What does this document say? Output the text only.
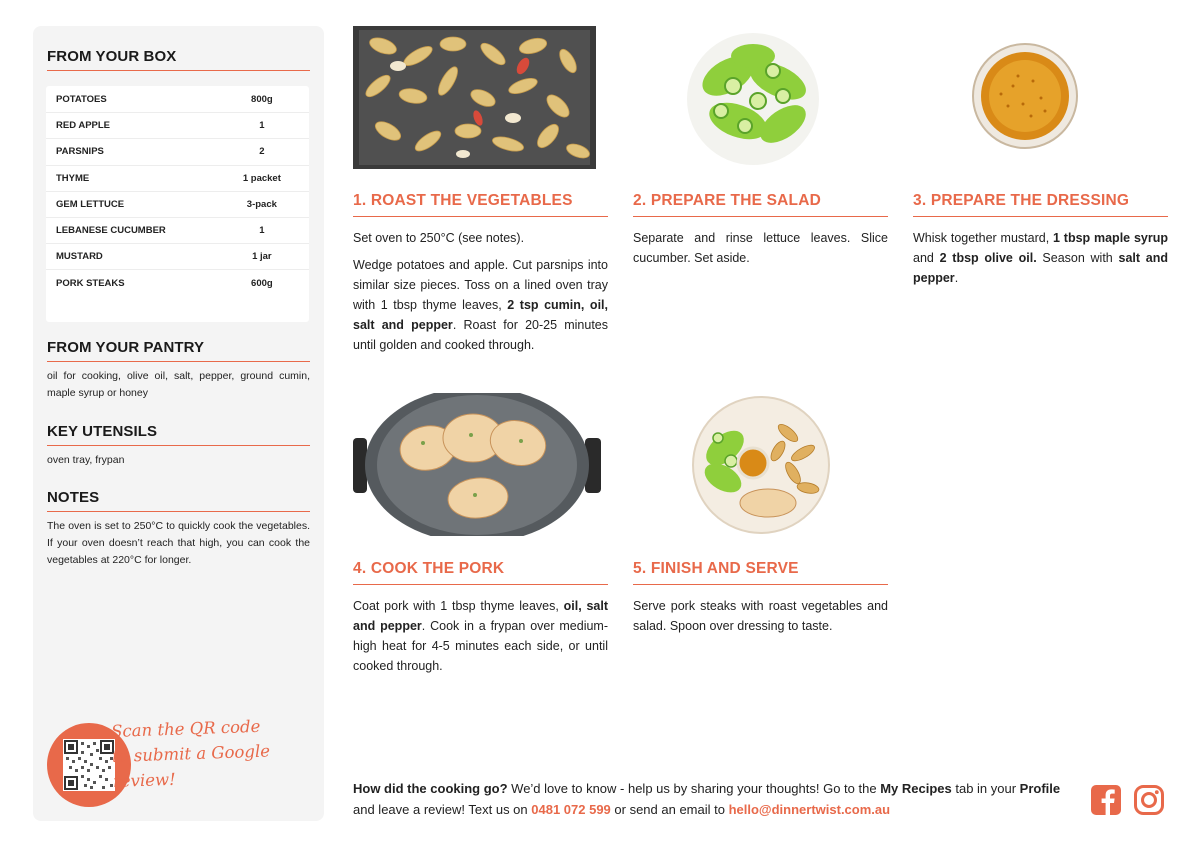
FROM YOUR BOX
POTATOES	800g
RED APPLE	1
PARSNIPS	2
THYME	1 packet
GEM LETTUCE	3-pack
LEBANESE CUCUMBER	1
MUSTARD	1 jar
PORK STEAKS	600g
FROM YOUR PANTRY
oil for cooking, olive oil, salt, pepper, ground cumin, maple syrup or honey
KEY UTENSILS
oven tray, frypan
NOTES
The oven is set to 250°C to quickly cook the vegetables. If your oven doesn’t reach that high, you can cook the vegetables at 220°C for longer.
Scan the QR code to submit a Google review!
1. ROAST THE VEGETABLES

Set oven to 250°C (see notes).

Wedge potatoes and apple. Cut parsnips into similar size pieces. Toss on a lined oven tray with 1 tbsp thyme leaves, 2 tsp cumin, oil, salt and pepper. Roast for 20-25 minutes until golden and cooked through.

2. PREPARE THE SALAD

Separate and rinse lettuce leaves. Slice cucumber. Set aside.

3. PREPARE THE DRESSING

Whisk together mustard, 1 tbsp maple syrup and 2 tbsp olive oil. Season with salt and pepper.

4. COOK THE PORK

Coat pork with 1 tbsp thyme leaves, oil, salt and pepper. Cook in a frypan over medium-high heat for 4-5 minutes each side, or until cooked through.

5. FINISH AND SERVE

Serve pork steaks with roast vegetables and salad. Spoon over dressing to taste.

How did the cooking go? We’d love to know - help us by sharing your thoughts! Go to the My Recipes tab in your Profile and leave a review! Text us on 0481 072 599 or send an email to hello@dinnertwist.com.au
